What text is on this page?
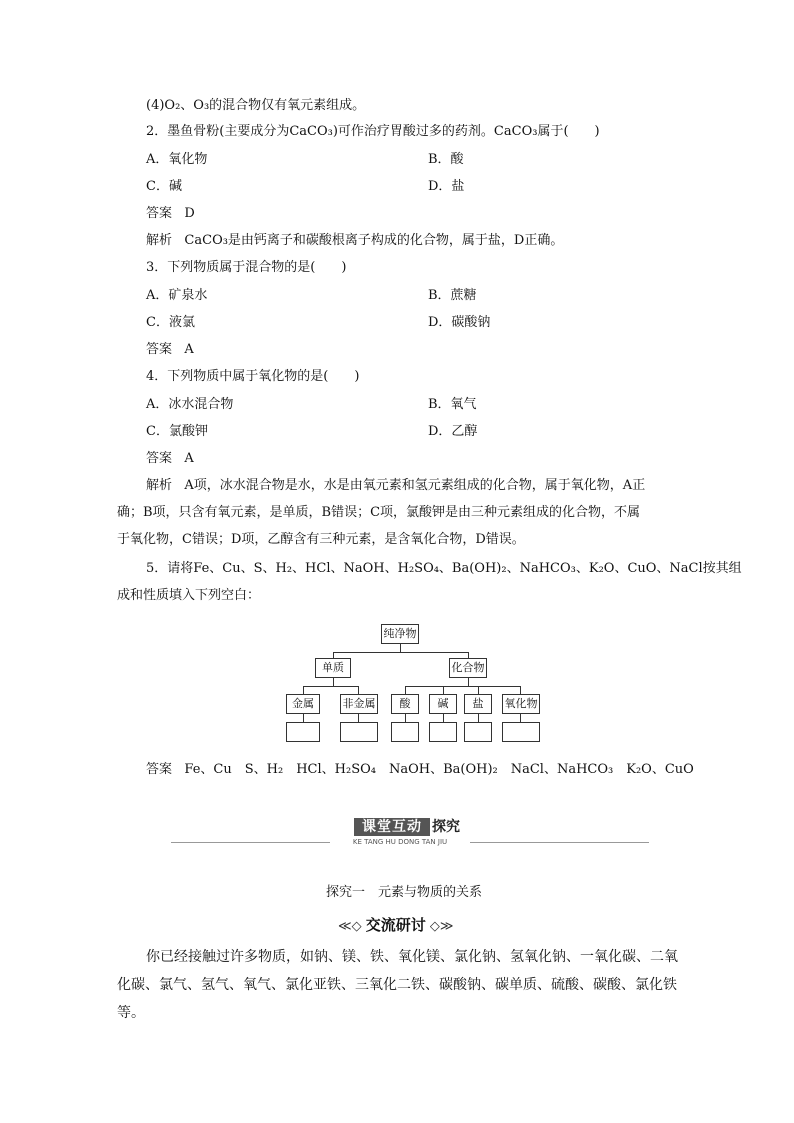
(4)O₂、O₃的混合物仅有氧元素组成。
2．墨鱼骨粉(主要成分为CaCO₃)可作治疗胃酸过多的药剂。CaCO₃属于(　　)
A．氧化物	B．酸
C．碱	D．盐
答案 D
解析 CaCO₃是由钙离子和碳酸根离子构成的化合物，属于盐，D正确。
3．下列物质属于混合物的是(　　)
A．矿泉水	B．蔗糖
C．液氯	D．碳酸钠
答案 A
4．下列物质中属于氧化物的是(　　)
A．冰水混合物	B．氧气
C．氯酸钾	D．乙醇
答案 A
解析 A项，冰水混合物是水，水是由氧元素和氢元素组成的化合物，属于氧化物，A正
确；B项，只含有氧元素，是单质，B错误；C项，氯酸钾是由三种元素组成的化合物，不属
于氧化物，C错误；D项，乙醇含有三种元素，是含氧化合物，D错误。
5．请将Fe、Cu、S、H₂、HCl、NaOH、H₂SO₄、Ba(OH)₂、NaHCO₃、K₂O、CuO、NaCl按其组
成和性质填入下列空白：
纯净物
单质	化合物
金属	非金属	酸	碱	盐	氧化物
答案 Fe、Cu　S、H₂　HCl、H₂SO₄　NaOH、Ba(OH)₂　NaCl、NaHCO₃　K₂O、CuO
课堂互动 探究
KE TANG HU DONG TAN JIU
探究一　元素与物质的关系
≪◇ 交流研讨 ◇≫
你已经接触过许多物质，如钠、镁、铁、氧化镁、氯化钠、氢氧化钠、一氧化碳、二氧
化碳、氯气、氢气、氧气、氯化亚铁、三氧化二铁、碳酸钠、碳单质、硫酸、碳酸、氯化铁
等。
